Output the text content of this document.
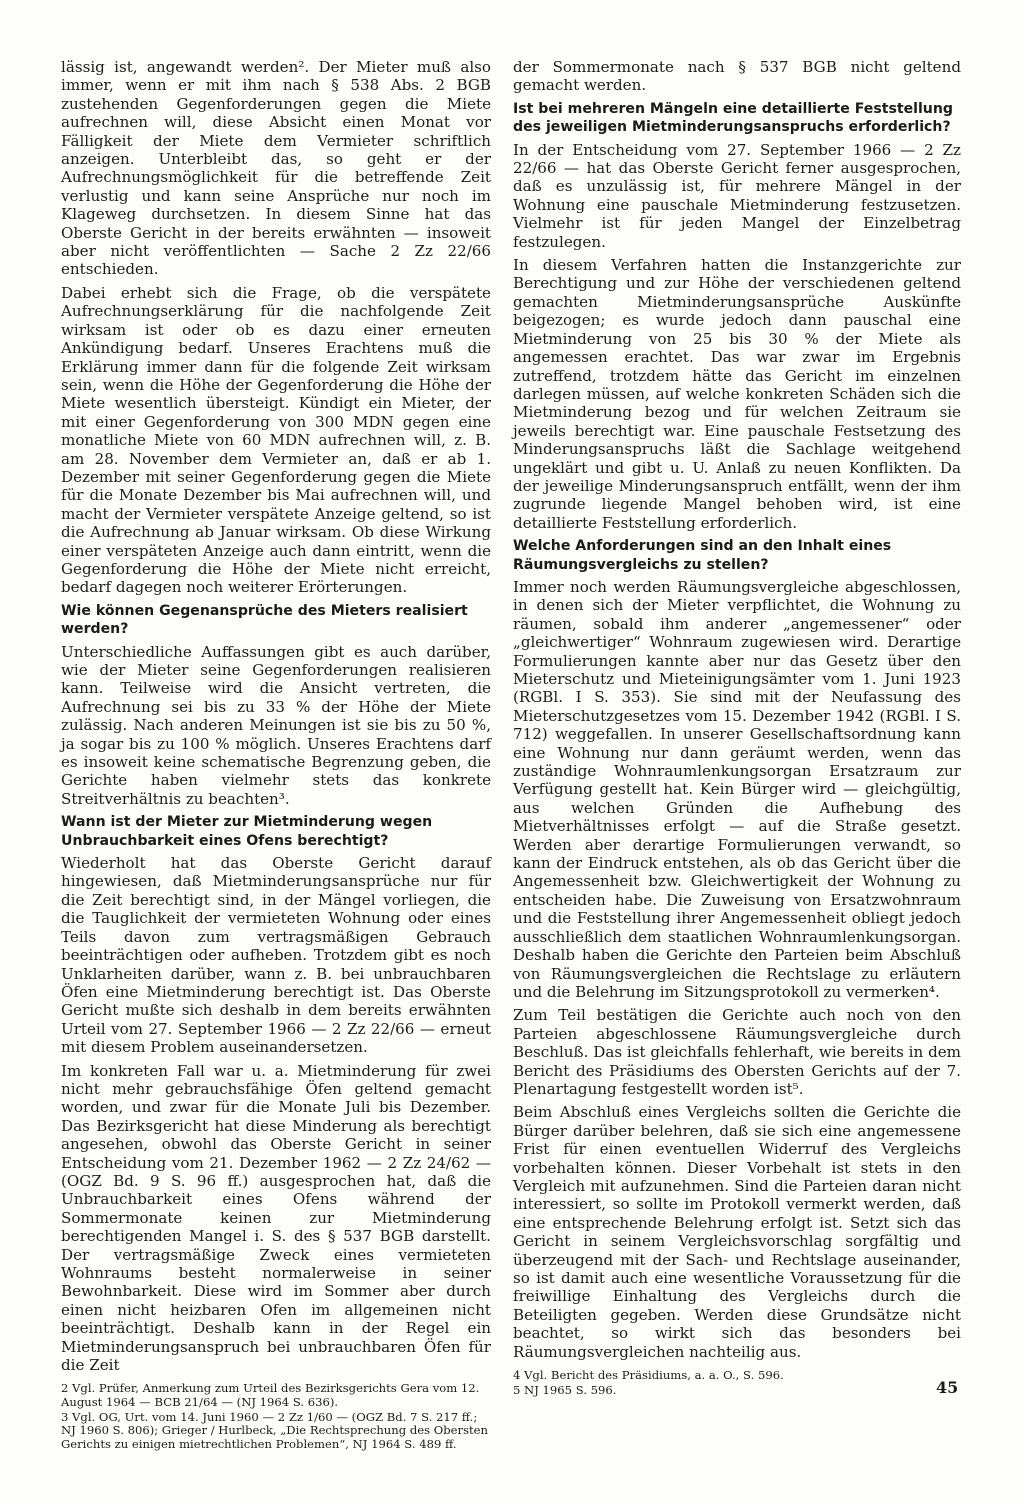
lässig ist, angewandt werden². Der Mieter muß also immer, wenn er mit ihm nach § 538 Abs. 2 BGB zustehenden Gegenforderungen gegen die Miete aufrechnen will, diese Absicht einen Monat vor Fälligkeit der Miete dem Vermieter schriftlich anzeigen. Unterbleibt das, so geht er der Aufrechnungsmöglichkeit für die betreffende Zeit verlustig und kann seine Ansprüche nur noch im Klageweg durchsetzen. In diesem Sinne hat das Oberste Gericht in der bereits erwähnten — insoweit aber nicht veröffentlichten — Sache 2 Zz 22/66 entschieden.

Dabei erhebt sich die Frage, ob die verspätete Aufrechnungserklärung für die nachfolgende Zeit wirksam ist oder ob es dazu einer erneuten Ankündigung bedarf. Unseres Erachtens muß die Erklärung immer dann für die folgende Zeit wirksam sein, wenn die Höhe der Gegenforderung die Höhe der Miete wesentlich übersteigt. Kündigt ein Mieter, der mit einer Gegenforderung von 300 MDN gegen eine monatliche Miete von 60 MDN aufrechnen will, z. B. am 28. November dem Vermieter an, daß er ab 1. Dezember mit seiner Gegenforderung gegen die Miete für die Monate Dezember bis Mai aufrechnen will, und macht der Vermieter verspätete Anzeige geltend, so ist die Aufrechnung ab Januar wirksam. Ob diese Wirkung einer verspäteten Anzeige auch dann eintritt, wenn die Gegenforderung die Höhe der Miete nicht erreicht, bedarf dagegen noch weiterer Erörterungen.

Wie können Gegenansprüche des Mieters realisiert werden?

Unterschiedliche Auffassungen gibt es auch darüber, wie der Mieter seine Gegenforderungen realisieren kann. Teilweise wird die Ansicht vertreten, die Aufrechnung sei bis zu 33 % der Höhe der Miete zulässig. Nach anderen Meinungen ist sie bis zu 50 %, ja sogar bis zu 100 % möglich. Unseres Erachtens darf es insoweit keine schematische Begrenzung geben, die Gerichte haben vielmehr stets das konkrete Streitverhältnis zu beachten³.

Wann ist der Mieter zur Mietminderung wegen Unbrauchbarkeit eines Ofens berechtigt?

Wiederholt hat das Oberste Gericht darauf hingewiesen, daß Mietminderungsansprüche nur für die Zeit berechtigt sind, in der Mängel vorliegen, die die Tauglichkeit der vermieteten Wohnung oder eines Teils davon zum vertragsmäßigen Gebrauch beeinträchtigen oder aufheben. Trotzdem gibt es noch Unklarheiten darüber, wann z. B. bei unbrauchbaren Öfen eine Mietminderung berechtigt ist. Das Oberste Gericht mußte sich deshalb in dem bereits erwähnten Urteil vom 27. September 1966 — 2 Zz 22/66 — erneut mit diesem Problem auseinandersetzen.

Im konkreten Fall war u. a. Mietminderung für zwei nicht mehr gebrauchsfähige Öfen geltend gemacht worden, und zwar für die Monate Juli bis Dezember. Das Bezirksgericht hat diese Minderung als berechtigt angesehen, obwohl das Oberste Gericht in seiner Entscheidung vom 21. Dezember 1962 — 2 Zz 24/62 — (OGZ Bd. 9 S. 96 ff.) ausgesprochen hat, daß die Unbrauchbarkeit eines Ofens während der Sommermonate keinen zur Mietminderung berechtigenden Mangel i. S. des § 537 BGB darstellt. Der vertragsmäßige Zweck eines vermieteten Wohnraums besteht normalerweise in seiner Bewohnbarkeit. Diese wird im Sommer aber durch einen nicht heizbaren Ofen im allgemeinen nicht beeinträchtigt. Deshalb kann in der Regel ein Mietminderungsanspruch bei unbrauchbaren Öfen für die Zeit

2 Vgl. Prüfer, Anmerkung zum Urteil des Bezirksgerichts Gera vom 12. August 1964 — BCB 21/64 — (NJ 1964 S. 636).

3 Vgl. OG, Urt. vom 14. Juni 1960 — 2 Zz 1/60 — (OGZ Bd. 7 S. 217 ff.; NJ 1960 S. 806); Grieger / Hurlbeck, „Die Rechtsprechung des Obersten Gerichts zu einigen mietrechtlichen Problemen“, NJ 1964 S. 489 ff.

der Sommermonate nach § 537 BGB nicht geltend gemacht werden.

Ist bei mehreren Mängeln eine detaillierte Feststellung des jeweiligen Mietminderungsanspruchs erforderlich?

In der Entscheidung vom 27. September 1966 — 2 Zz 22/66 — hat das Oberste Gericht ferner ausgesprochen, daß es unzulässig ist, für mehrere Mängel in der Wohnung eine pauschale Mietminderung festzusetzen. Vielmehr ist für jeden Mangel der Einzelbetrag festzulegen.

In diesem Verfahren hatten die Instanzgerichte zur Berechtigung und zur Höhe der verschiedenen geltend gemachten Mietminderungsansprüche Auskünfte beigezogen; es wurde jedoch dann pauschal eine Mietminderung von 25 bis 30 % der Miete als angemessen erachtet. Das war zwar im Ergebnis zutreffend, trotzdem hätte das Gericht im einzelnen darlegen müssen, auf welche konkreten Schäden sich die Mietminderung bezog und für welchen Zeitraum sie jeweils berechtigt war. Eine pauschale Festsetzung des Minderungsanspruchs läßt die Sachlage weitgehend ungeklärt und gibt u. U. Anlaß zu neuen Konflikten. Da der jeweilige Minderungsanspruch entfällt, wenn der ihm zugrunde liegende Mangel behoben wird, ist eine detaillierte Feststellung erforderlich.

Welche Anforderungen sind an den Inhalt eines Räumungsvergleichs zu stellen?

Immer noch werden Räumungsvergleiche abgeschlossen, in denen sich der Mieter verpflichtet, die Wohnung zu räumen, sobald ihm anderer „angemessener“ oder „gleichwertiger“ Wohnraum zugewiesen wird. Derartige Formulierungen kannte aber nur das Gesetz über den Mieterschutz und Mieteinigungsämter vom 1. Juni 1923 (RGBl. I S. 353). Sie sind mit der Neufassung des Mieterschutzgesetzes vom 15. Dezember 1942 (RGBl. I S. 712) weggefallen. In unserer Gesellschaftsordnung kann eine Wohnung nur dann geräumt werden, wenn das zuständige Wohnraumlenkungsorgan Ersatzraum zur Verfügung gestellt hat. Kein Bürger wird — gleichgültig, aus welchen Gründen die Aufhebung des Mietverhältnisses erfolgt — auf die Straße gesetzt. Werden aber derartige Formulierungen verwandt, so kann der Eindruck entstehen, als ob das Gericht über die Angemessenheit bzw. Gleichwertigkeit der Wohnung zu entscheiden habe. Die Zuweisung von Ersatzwohnraum und die Feststellung ihrer Angemessenheit obliegt jedoch ausschließlich dem staatlichen Wohnraumlenkungsorgan. Deshalb haben die Gerichte den Parteien beim Abschluß von Räumungsvergleichen die Rechtslage zu erläutern und die Belehrung im Sitzungsprotokoll zu vermerken⁴.

Zum Teil bestätigen die Gerichte auch noch von den Parteien abgeschlossene Räumungsvergleiche durch Beschluß. Das ist gleichfalls fehlerhaft, wie bereits in dem Bericht des Präsidiums des Obersten Gerichts auf der 7. Plenartagung festgestellt worden ist⁵.

Beim Abschluß eines Vergleichs sollten die Gerichte die Bürger darüber belehren, daß sie sich eine angemessene Frist für einen eventuellen Widerruf des Vergleichs vorbehalten können. Dieser Vorbehalt ist stets in den Vergleich mit aufzunehmen. Sind die Parteien daran nicht interessiert, so sollte im Protokoll vermerkt werden, daß eine entsprechende Belehrung erfolgt ist. Setzt sich das Gericht in seinem Vergleichsvorschlag sorgfältig und überzeugend mit der Sach- und Rechtslage auseinander, so ist damit auch eine wesentliche Voraussetzung für die freiwillige Einhaltung des Vergleichs durch die Beteiligten gegeben. Werden diese Grundsätze nicht beachtet, so wirkt sich das besonders bei Räumungsvergleichen nachteilig aus.

4 Vgl. Bericht des Präsidiums, a. a. O., S. 596.

5 NJ 1965 S. 596.	45
